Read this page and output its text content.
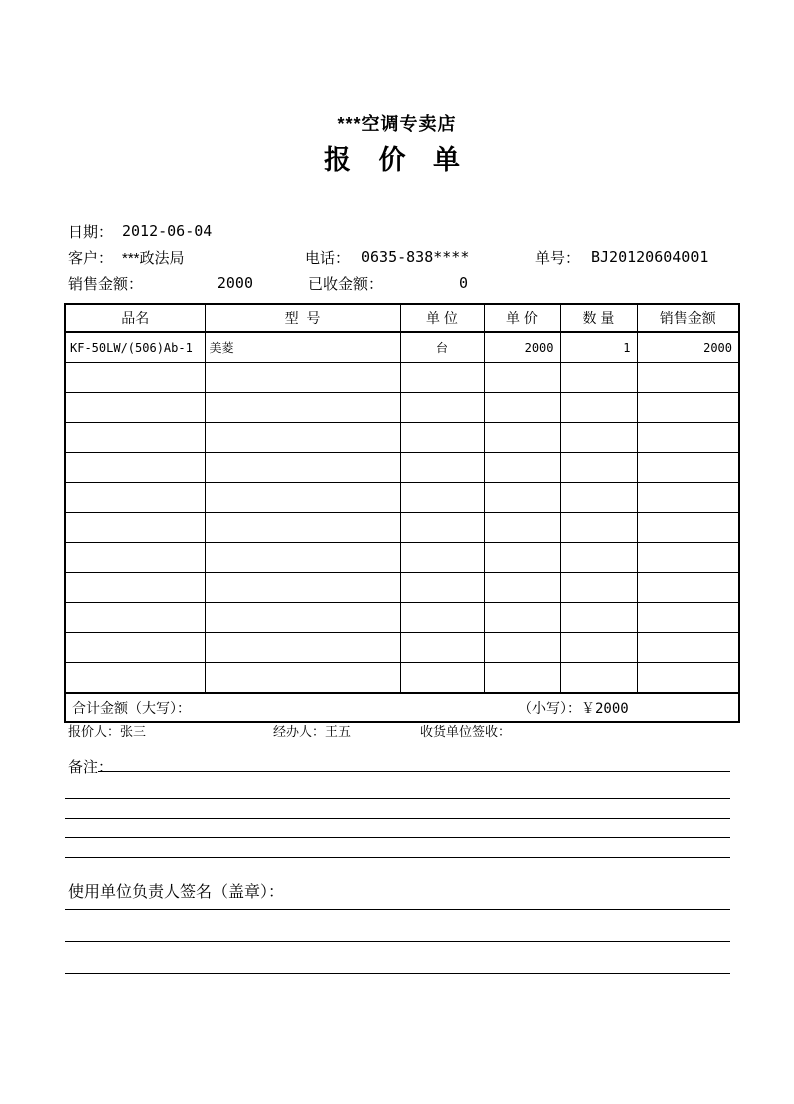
***空调专卖店
报 价 单
日期： 2012-06-04
客户： ***政法局	电话： 0635-838****	单号： BJ20120604001
销售金额：	2000	已收金额：	0
品名	型  号	单 位	单 价	数 量	销售金额
KF-50LW/(506)Ab-1	美菱	台	2000	1	2000

合计金额（大写）： （小写）：￥2000					
报价人：张三	经办人：王五	收货单位签收：
备注：
使用单位负责人签名（盖章）：
